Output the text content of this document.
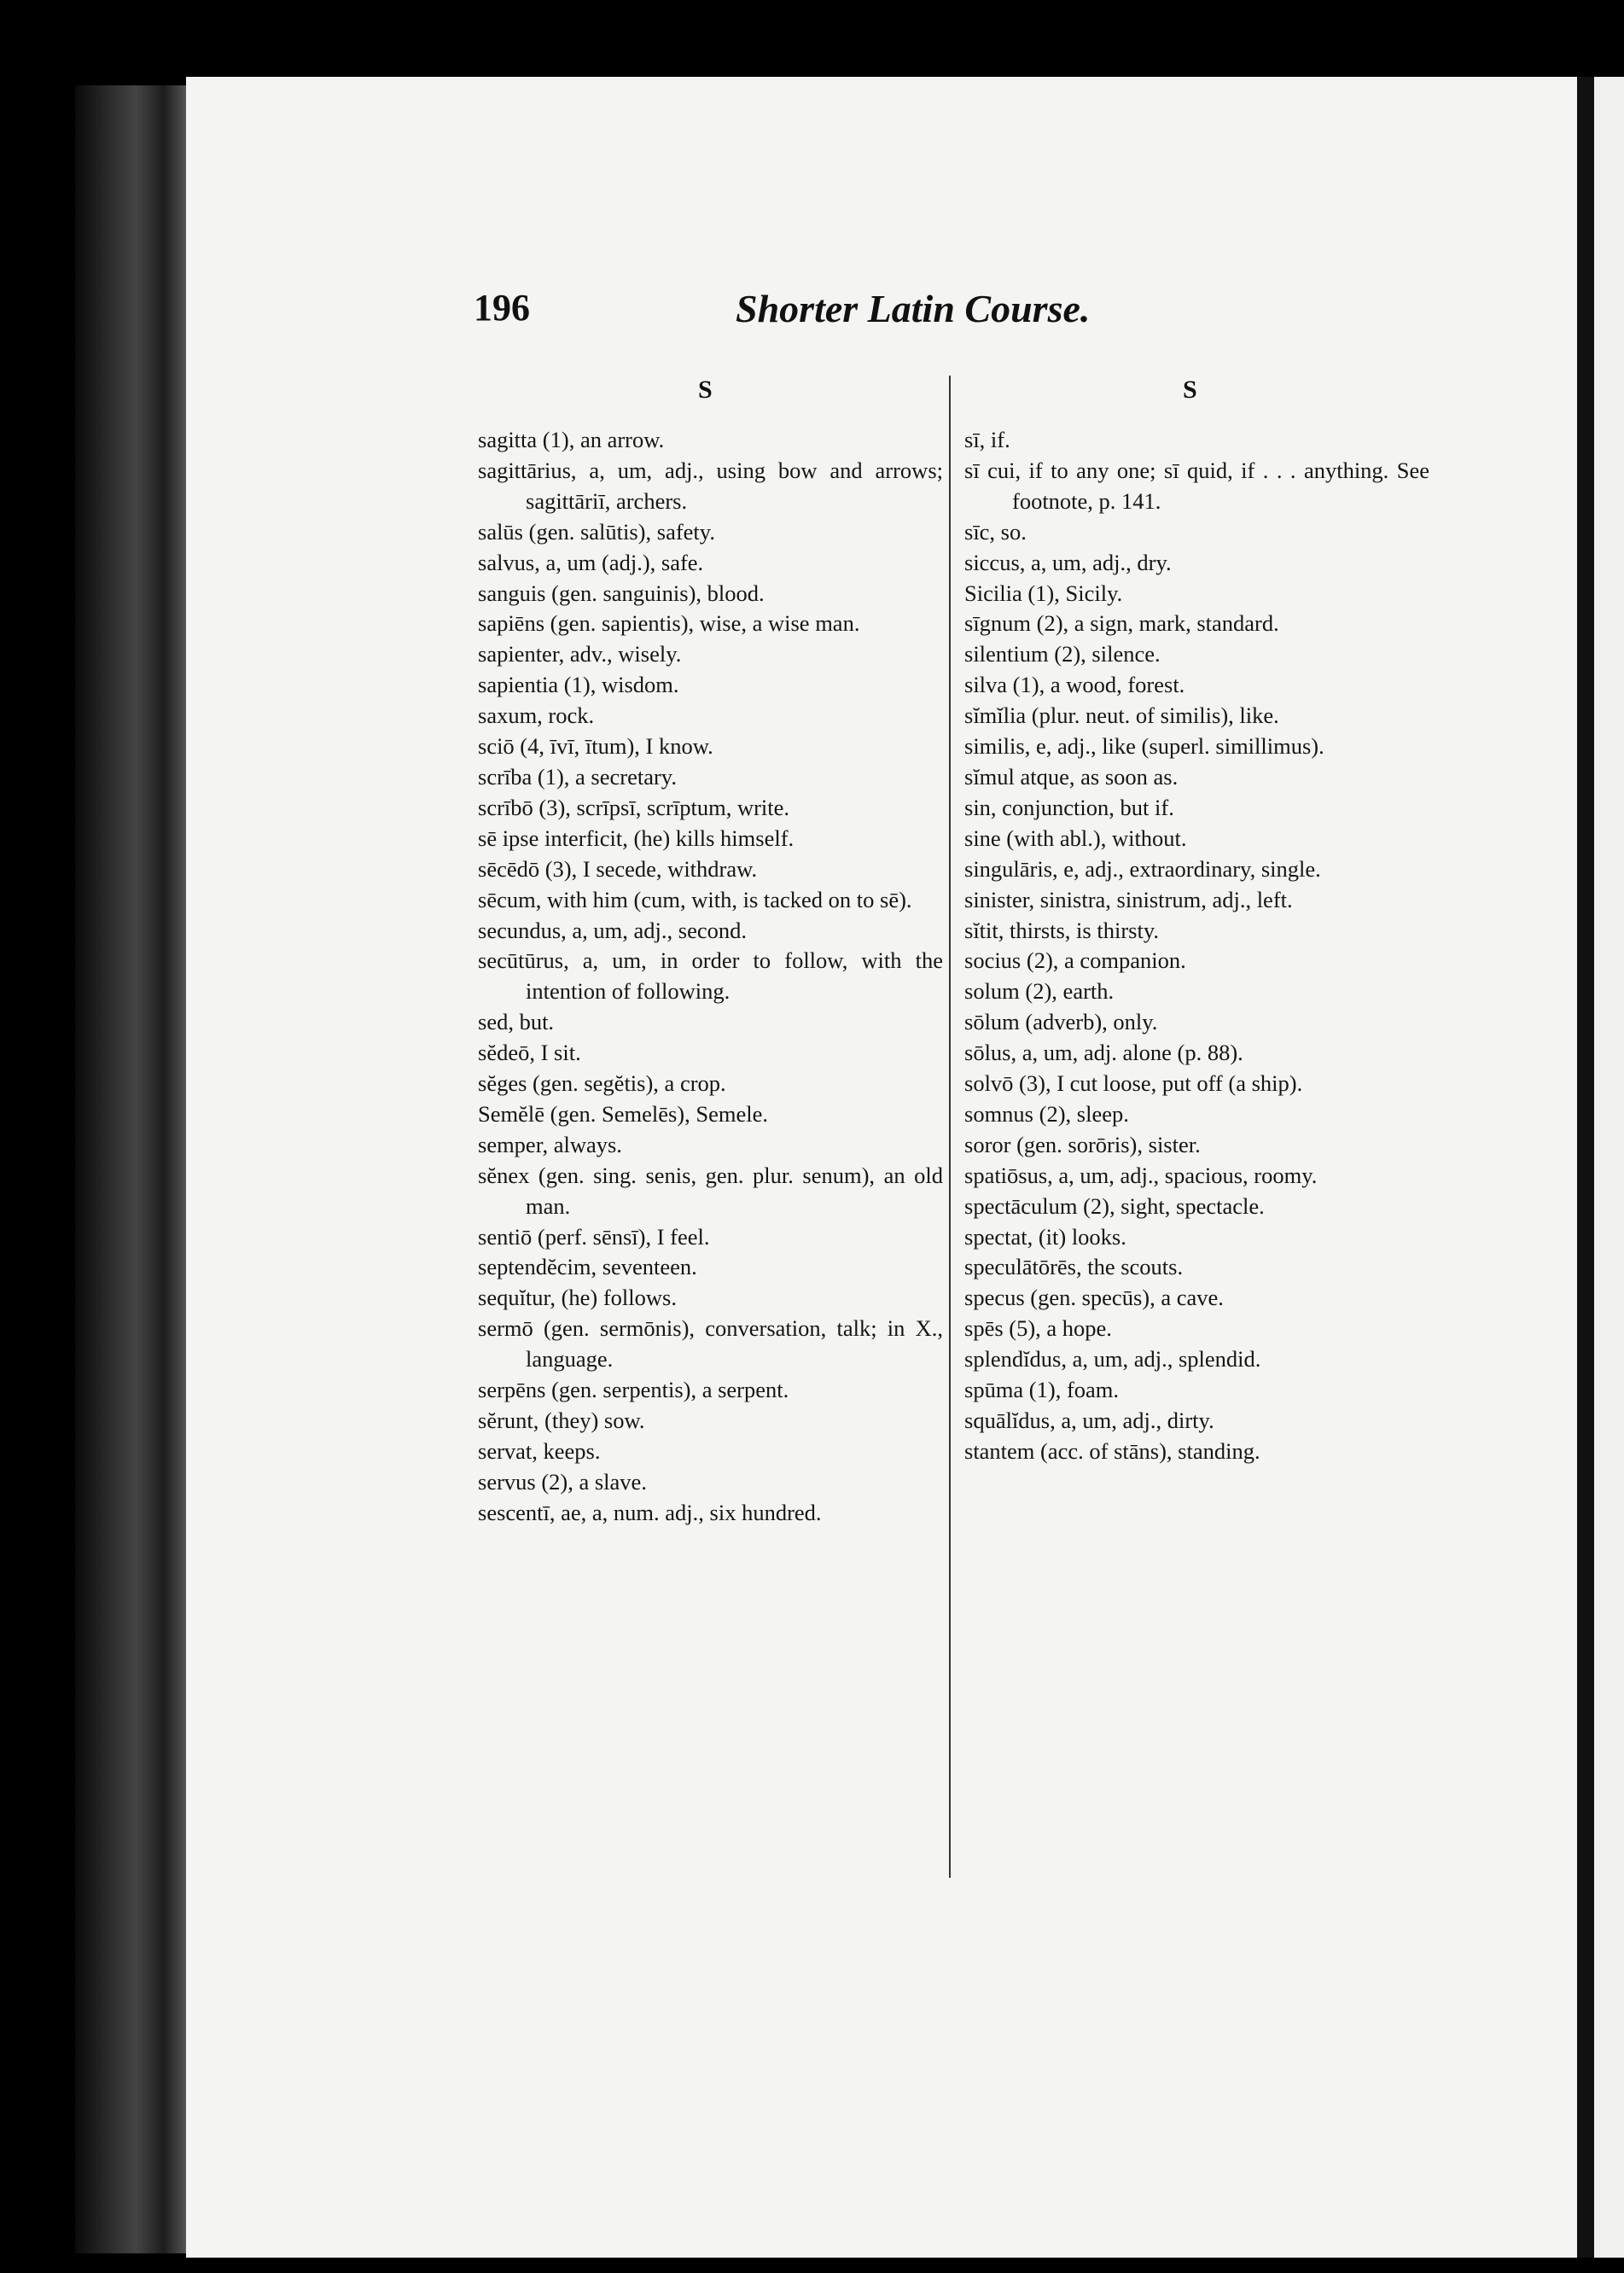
196	Shorter Latin Course.
S	S

sagitta (1), an arrow.

sagittārius, a, um, adj., using bow and arrows; sagittāriī, archers.

salūs (gen. salūtis), safety.

salvus, a, um (adj.), safe.

sanguis (gen. sanguinis), blood.

sapiēns (gen. sapientis), wise, a wise man.

sapienter, adv., wisely.

sapientia (1), wisdom.

saxum, rock.

sciō (4, īvī, ītum), I know.

scrība (1), a secretary.

scrībō (3), scrīpsī, scrīptum, write.

sē ipse interficit, (he) kills himself.

sēcēdō (3), I secede, withdraw.

sēcum, with him (cum, with, is tacked on to sē).

secundus, a, um, adj., second.

secūtūrus, a, um, in order to follow, with the intention of following.

sed, but.

sĕdeō, I sit.

sĕges (gen. segĕtis), a crop.

Semĕlē (gen. Semelēs), Semele.

semper, always.

sĕnex (gen. sing. senis, gen. plur. senum), an old man.

sentiō (perf. sēnsī), I feel.

septendĕcim, seventeen.

sequĭtur, (he) follows.

sermō (gen. sermōnis), conversation, talk; in X., language.

serpēns (gen. serpentis), a serpent.

sĕrunt, (they) sow.

servat, keeps.

servus (2), a slave.

sescentī, ae, a, num. adj., six hundred.

sī, if.

sī cui, if to any one; sī quid, if . . . anything. See footnote, p. 141.

sīc, so.

siccus, a, um, adj., dry.

Sicilia (1), Sicily.

sīgnum (2), a sign, mark, standard.

silentium (2), silence.

silva (1), a wood, forest.

sĭmĭlia (plur. neut. of similis), like.

similis, e, adj., like (superl. simillimus).

sĭmul atque, as soon as.

sin, conjunction, but if.

sine (with abl.), without.

singulāris, e, adj., extraordinary, single.

sinister, sinistra, sinistrum, adj., left.

sĭtit, thirsts, is thirsty.

socius (2), a companion.

solum (2), earth.

sōlum (adverb), only.

sōlus, a, um, adj. alone (p. 88).

solvō (3), I cut loose, put off (a ship).

somnus (2), sleep.

soror (gen. sorōris), sister.

spatiōsus, a, um, adj., spacious, roomy.

spectāculum (2), sight, spectacle.

spectat, (it) looks.

speculātōrēs, the scouts.

specus (gen. specūs), a cave.

spēs (5), a hope.

splendĭdus, a, um, adj., splendid.

spūma (1), foam.

squālĭdus, a, um, adj., dirty.

stantem (acc. of stāns), standing.
